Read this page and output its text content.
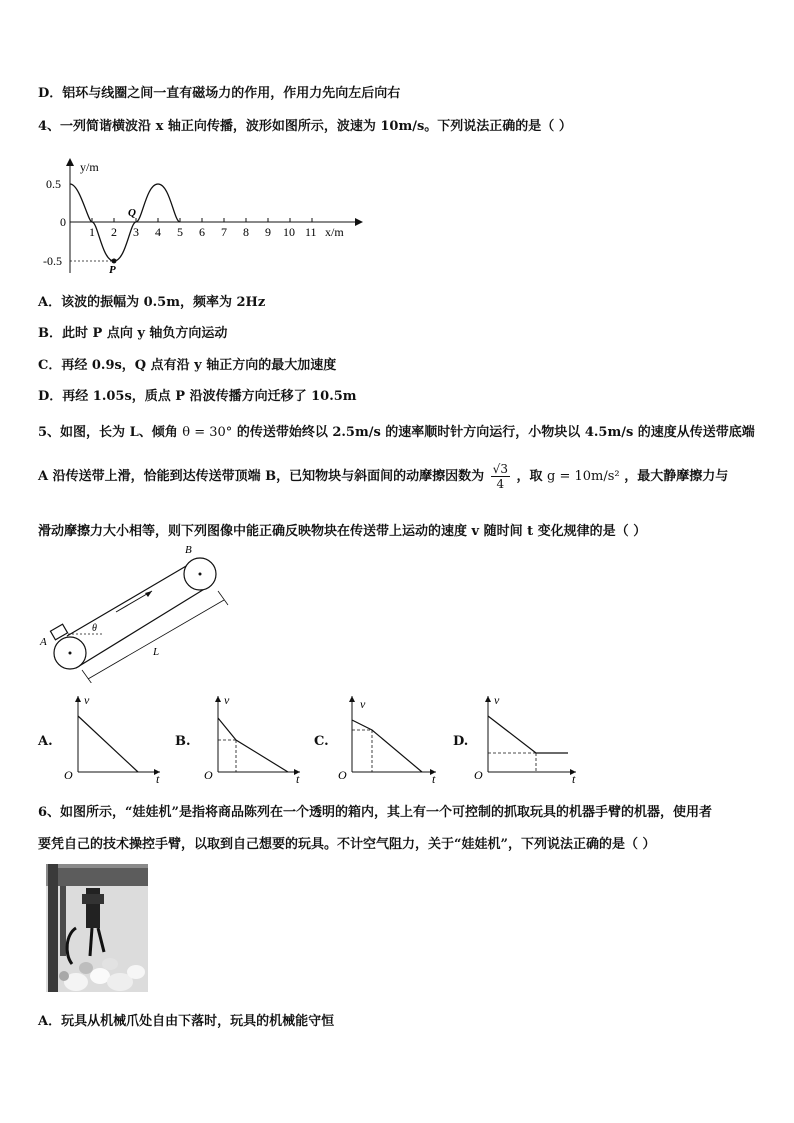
D．铝环与线圈之间一直有磁场力的作用，作用力先向左后向右
4、一列简谐横波沿 x 轴正向传播，波形如图所示，波速为 10m/s。下列说法正确的是（ ）
y/m
x/m
0.5
0
-0.5
1 2 3 4 5 6 7 8 9 10 11
P
Q
A．该波的振幅为 0.5m，频率为 2Hz
B．此时 P 点向 y 轴负方向运动
C．再经 0.9s，Q 点有沿 y 轴正方向的最大加速度
D．再经 1.05s，质点 P 沿波传播方向迁移了 10.5m
5、如图，长为 L、倾角 θ = 30° 的传送带始终以 2.5m/s 的速率顺时针方向运行，小物块以 4.5m/s 的速度从传送带底端
A 沿传送带上滑，恰能到达传送带顶端 B，已知物块与斜面间的动摩擦因数为 $\frac{√3}{4}$ ，取 g = 10m/s² ，最大静摩擦力与
滑动摩擦力大小相等，则下列图像中能正确反映物块在传送带上运动的速度 v 随时间 t 变化规律的是（ ）
A
B
L
θ
A.
v
t
O
B.
v
t
O
C.
v
t
O
D.
v
t
O
6、如图所示，“娃娃机”是指将商品陈列在一个透明的箱内，其上有一个可控制的抓取玩具的机器手臂的机器，使用者
要凭自己的技术操控手臂，以取到自己想要的玩具。不计空气阻力，关于“娃娃机”，下列说法正确的是（ ）
A．玩具从机械爪处自由下落时，玩具的机械能守恒
